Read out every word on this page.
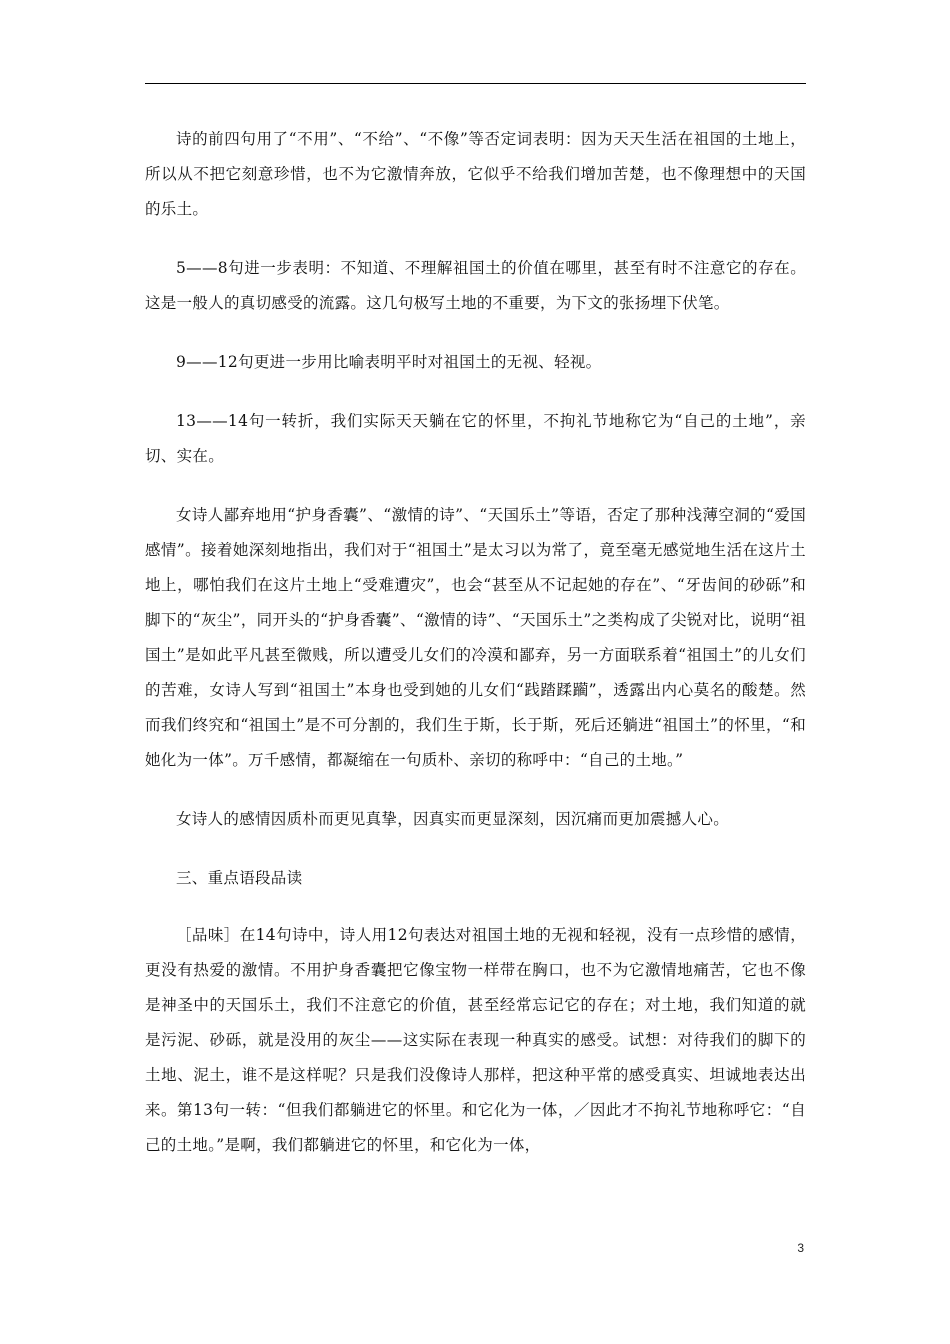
诗的前四句用了“不用”、“不给”、“不像”等否定词表明：因为天天生活在祖国的土地上，所以从不把它刻意珍惜，也不为它激情奔放，它似乎不给我们增加苦楚，也不像理想中的天国的乐土。

5——8句进一步表明：不知道、不理解祖国土的价值在哪里，甚至有时不注意它的存在。这是一般人的真切感受的流露。这几句极写土地的不重要，为下文的张扬埋下伏笔。

9——12句更进一步用比喻表明平时对祖国土的无视、轻视。

13——14句一转折，我们实际天天躺在它的怀里，不拘礼节地称它为“自己的土地”，亲切、实在。

女诗人鄙弃地用“护身香囊”、“激情的诗”、“天国乐土”等语，否定了那种浅薄空洞的“爱国感情”。接着她深刻地指出，我们对于“祖国土”是太习以为常了，竟至毫无感觉地生活在这片土地上，哪怕我们在这片土地上“受难遭灾”，也会“甚至从不记起她的存在”、“牙齿间的砂砾”和脚下的“灰尘”，同开头的“护身香囊”、“激情的诗”、“天国乐土”之类构成了尖锐对比，说明“祖国土”是如此平凡甚至微贱，所以遭受儿女们的冷漠和鄙弃，另一方面联系着“祖国土”的儿女们的苦难，女诗人写到“祖国土”本身也受到她的儿女们“践踏蹂躏”，透露出内心莫名的酸楚。然而我们终究和“祖国土”是不可分割的，我们生于斯，长于斯，死后还躺进“祖国土”的怀里，“和她化为一体”。万千感情，都凝缩在一句质朴、亲切的称呼中：“自己的土地。”

女诗人的感情因质朴而更见真挚，因真实而更显深刻，因沉痛而更加震撼人心。

三、重点语段品读

［品味］在14句诗中，诗人用12句表达对祖国土地的无视和轻视，没有一点珍惜的感情，更没有热爱的激情。不用护身香囊把它像宝物一样带在胸口，也不为它激情地痛苦，它也不像是神圣中的天国乐土，我们不注意它的价值，甚至经常忘记它的存在；对土地，我们知道的就是污泥、砂砾，就是没用的灰尘——这实际在表现一种真实的感受。试想：对待我们的脚下的土地、泥土，谁不是这样呢？只是我们没像诗人那样，把这种平常的感受真实、坦诚地表达出来。第13句一转：“但我们都躺进它的怀里。和它化为一体，／因此才不拘礼节地称呼它：“自己的土地。”是啊，我们都躺进它的怀里，和它化为一体，

3
